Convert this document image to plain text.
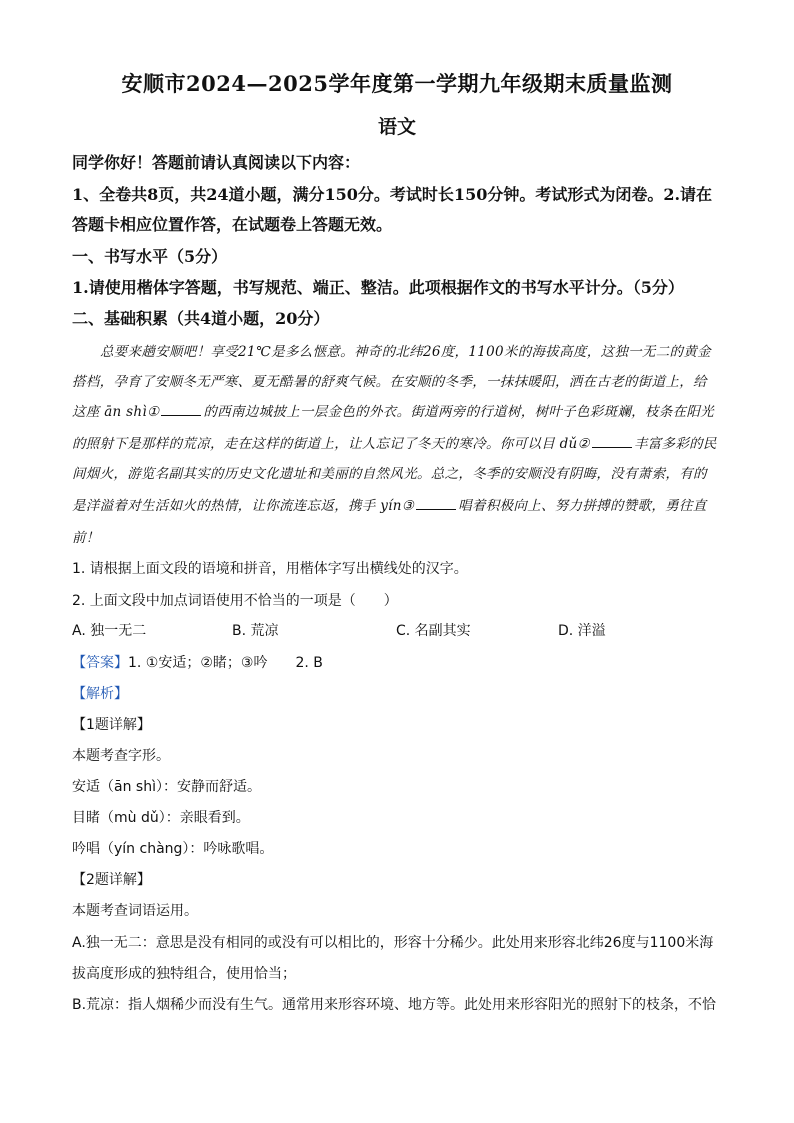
安顺市2024—2025学年度第一学期九年级期末质量监测
语文
同学你好！答题前请认真阅读以下内容：
1、全卷共8页，共24道小题，满分150分。考试时长150分钟。考试形式为闭卷。2.请在
答题卡相应位置作答，在试题卷上答题无效。
一、书写水平（5分）
1.请使用楷体字答题，书写规范、端正、整洁。此项根据作文的书写水平计分。（5分）
二、基础积累（共4道小题，20分）
总要来趟安顺吧！享受21℃是多么惬意。神奇的北纬26度，1100米的海拔高度，这独一无二的黄金
搭档，孕育了安顺冬无严寒、夏无酷暑的舒爽气候。在安顺的冬季，一抹抹暖阳，洒在古老的街道上，给
这座 ān shì①	的西南边城披上一层金色的外衣。街道两旁的行道树，树叶子色彩斑斓，枝条在阳光
的照射下是那样的荒凉，走在这样的街道上，让人忘记了冬天的寒冷。你可以目 dǔ②	丰富多彩的民
间烟火，游览名副其实的历史文化遗址和美丽的自然风光。总之，冬季的安顺没有阴晦，没有萧索，有的
是洋溢着对生活如火的热情，让你流连忘返，携手 yín③	唱着积极向上、努力拼搏的赞歌，勇往直
前！
1. 请根据上面文段的语境和拼音，用楷体字写出横线处的汉字。
2. 上面文段中加点词语使用不恰当的一项是（　　）
A. 独一无二	B. 荒凉	C. 名副其实	D. 洋溢
【答案】1. ①安适；②睹；③吟　　2. B
【解析】
【1题详解】
本题考查字形。
安适（ān shì）：安静而舒适。
目睹（mù dǔ）：亲眼看到。
吟唱（yín chàng）：吟咏歌唱。
【2题详解】
本题考查词语运用。
A.独一无二：意思是没有相同的或没有可以相比的，形容十分稀少。此处用来形容北纬26度与1100米海
拔高度形成的独特组合，使用恰当；
B.荒凉：指人烟稀少而没有生气。通常用来形容环境、地方等。此处用来形容阳光的照射下的枝条，不恰
